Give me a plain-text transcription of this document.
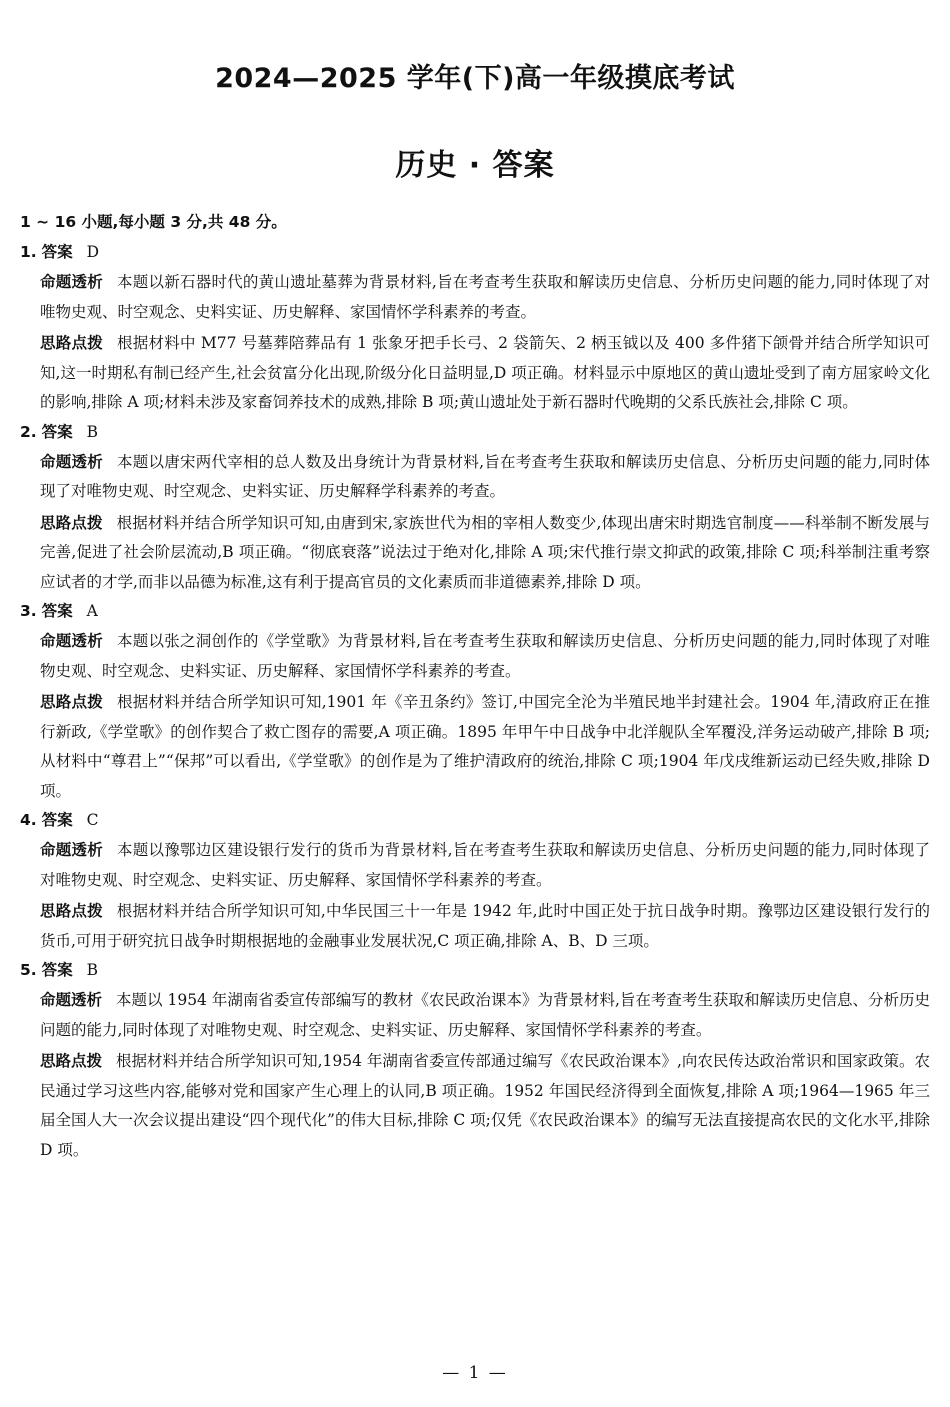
2024—2025 学年(下)高一年级摸底考试
历史 · 答案
1 ~ 16 小题,每小题 3 分,共 48 分。
1. 答案 D
命题透析 本题以新石器时代的黄山遗址墓葬为背景材料,旨在考查考生获取和解读历史信息、分析历史问题的能力,同时体现了对唯物史观、时空观念、史料实证、历史解释、家国情怀学科素养的考查。
思路点拨 根据材料中 M77 号墓葬陪葬品有 1 张象牙把手长弓、2 袋箭矢、2 柄玉钺以及 400 多件猪下颌骨并结合所学知识可知,这一时期私有制已经产生,社会贫富分化出现,阶级分化日益明显,D 项正确。材料显示中原地区的黄山遗址受到了南方屈家岭文化的影响,排除 A 项;材料未涉及家畜饲养技术的成熟,排除 B 项;黄山遗址处于新石器时代晚期的父系氏族社会,排除 C 项。
2. 答案 B
命题透析 本题以唐宋两代宰相的总人数及出身统计为背景材料,旨在考查考生获取和解读历史信息、分析历史问题的能力,同时体现了对唯物史观、时空观念、史料实证、历史解释学科素养的考查。
思路点拨 根据材料并结合所学知识可知,由唐到宋,家族世代为相的宰相人数变少,体现出唐宋时期选官制度——科举制不断发展与完善,促进了社会阶层流动,B 项正确。“彻底衰落”说法过于绝对化,排除 A 项;宋代推行崇文抑武的政策,排除 C 项;科举制注重考察应试者的才学,而非以品德为标准,这有利于提高官员的文化素质而非道德素养,排除 D 项。
3. 答案 A
命题透析 本题以张之洞创作的《学堂歌》为背景材料,旨在考查考生获取和解读历史信息、分析历史问题的能力,同时体现了对唯物史观、时空观念、史料实证、历史解释、家国情怀学科素养的考查。
思路点拨 根据材料并结合所学知识可知,1901 年《辛丑条约》签订,中国完全沦为半殖民地半封建社会。1904 年,清政府正在推行新政,《学堂歌》的创作契合了救亡图存的需要,A 项正确。1895 年甲午中日战争中北洋舰队全军覆没,洋务运动破产,排除 B 项;从材料中“尊君上”“保邦”可以看出,《学堂歌》的创作是为了维护清政府的统治,排除 C 项;1904 年戊戌维新运动已经失败,排除 D 项。
4. 答案 C
命题透析 本题以豫鄂边区建设银行发行的货币为背景材料,旨在考查考生获取和解读历史信息、分析历史问题的能力,同时体现了对唯物史观、时空观念、史料实证、历史解释、家国情怀学科素养的考查。
思路点拨 根据材料并结合所学知识可知,中华民国三十一年是 1942 年,此时中国正处于抗日战争时期。豫鄂边区建设银行发行的货币,可用于研究抗日战争时期根据地的金融事业发展状况,C 项正确,排除 A、B、D 三项。
5. 答案 B
命题透析 本题以 1954 年湖南省委宣传部编写的教材《农民政治课本》为背景材料,旨在考查考生获取和解读历史信息、分析历史问题的能力,同时体现了对唯物史观、时空观念、史料实证、历史解释、家国情怀学科素养的考查。
思路点拨 根据材料并结合所学知识可知,1954 年湖南省委宣传部通过编写《农民政治课本》,向农民传达政治常识和国家政策。农民通过学习这些内容,能够对党和国家产生心理上的认同,B 项正确。1952 年国民经济得到全面恢复,排除 A 项;1964—1965 年三届全国人大一次会议提出建设“四个现代化”的伟大目标,排除 C 项;仅凭《农民政治课本》的编写无法直接提高农民的文化水平,排除 D 项。
— 1 —
